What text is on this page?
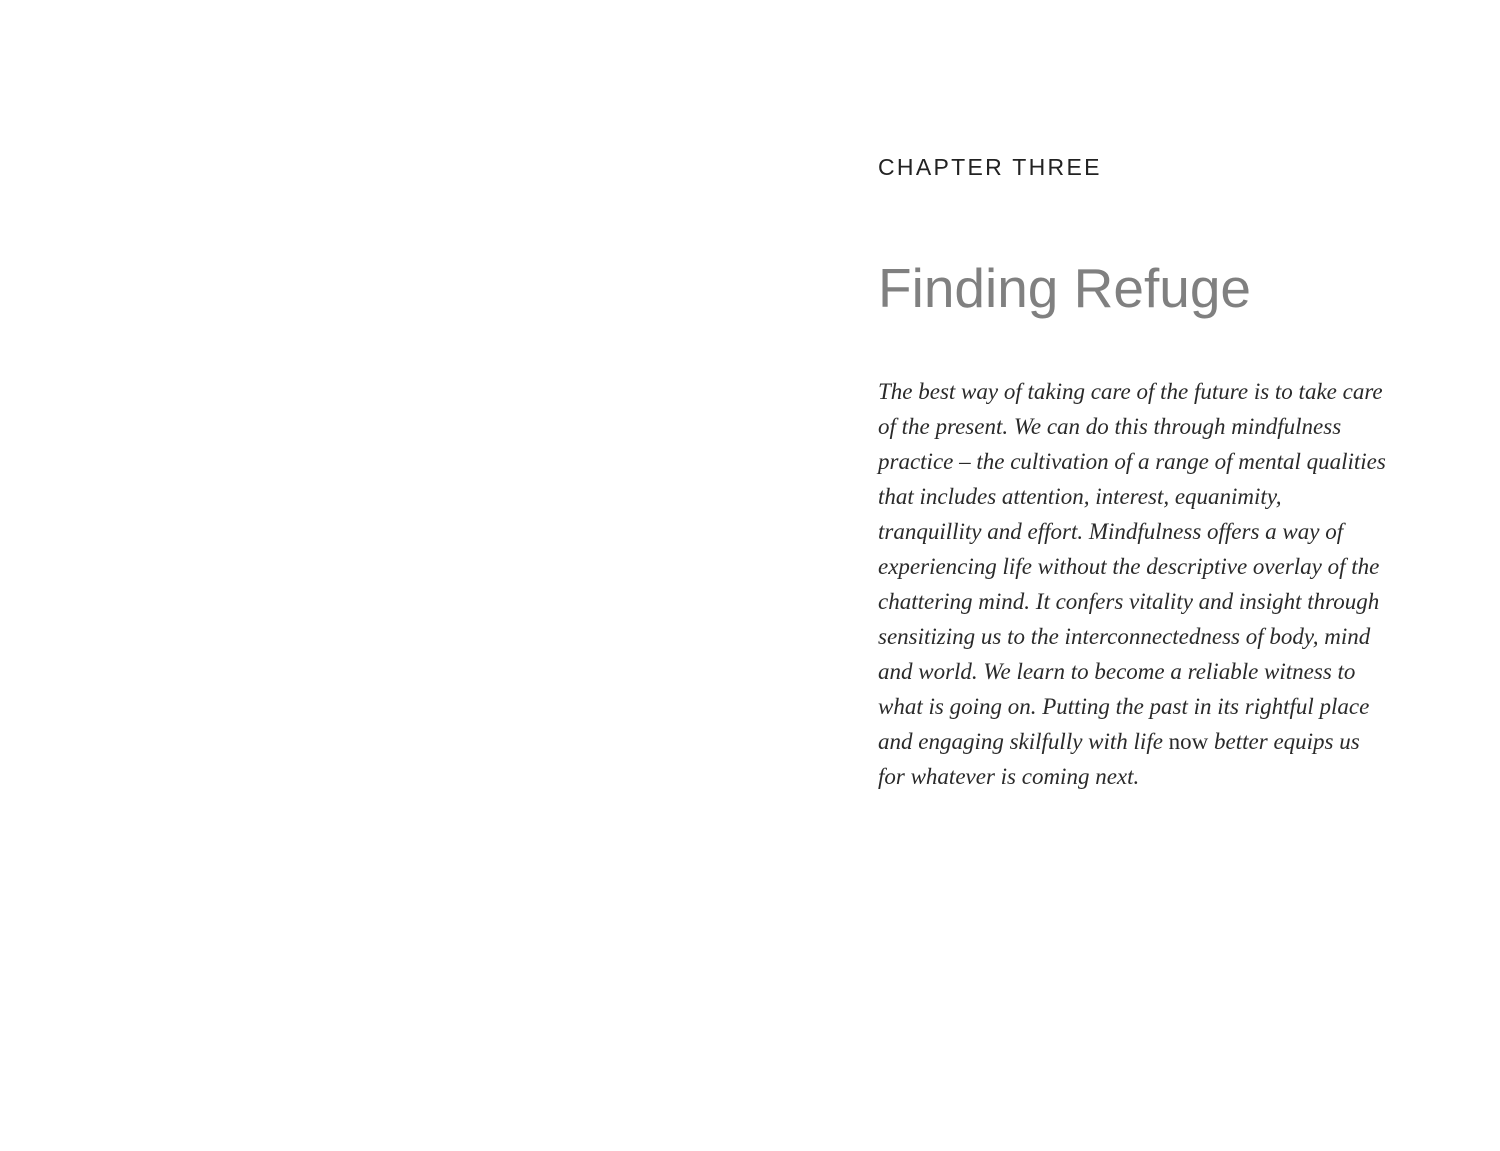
CHAPTER THREE

Finding Refuge
The best way of taking care of the future is to take care
of the present. We can do this through mindfulness
practice – the cultivation of a range of mental qualities
that includes attention, interest, equanimity,
tranquillity and effort. Mindfulness offers a way of
experiencing life without the descriptive overlay of the
chattering mind. It confers vitality and insight through
sensitizing us to the interconnectedness of body, mind
and world. We learn to become a reliable witness to
what is going on. Putting the past in its rightful place
and engaging skilfully with life now better equips us
for whatever is coming next.
